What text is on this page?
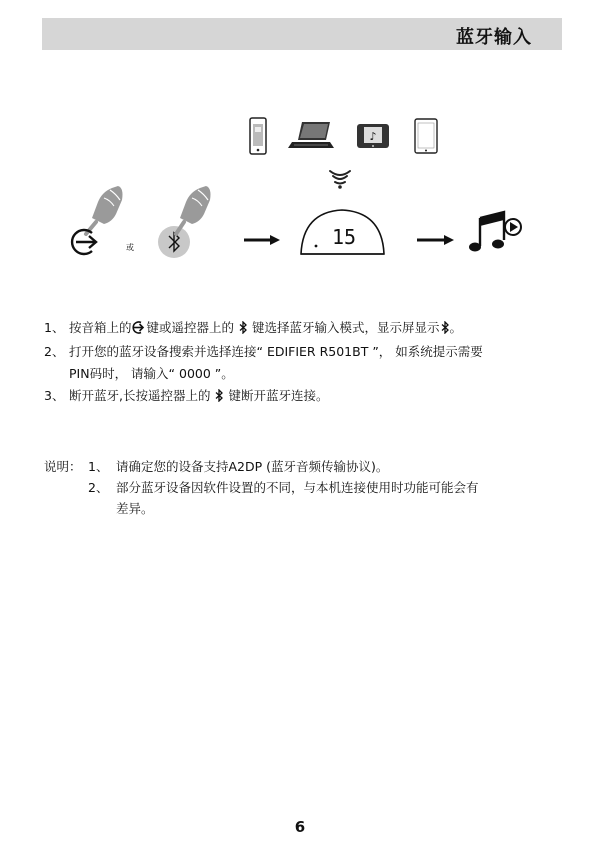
蓝牙输入
♪
或	15
1、 按音箱上的 键或遥控器上的 键选择蓝牙输入模式，显示屏显示 。
2、 打开您的蓝牙设备搜索并选择连接“ EDIFIER R501BT ”， 如系统提示需要
PIN码时， 请输入“ 0000 ”。
3、 断开蓝牙,长按遥控器上的 键断开蓝牙连接。
说明： 1、 请确定您的设备支持A2DP (蓝牙音频传输协议)。
2、 部分蓝牙设备因软件设置的不同，与本机连接使用时功能可能会有
差异。
6
